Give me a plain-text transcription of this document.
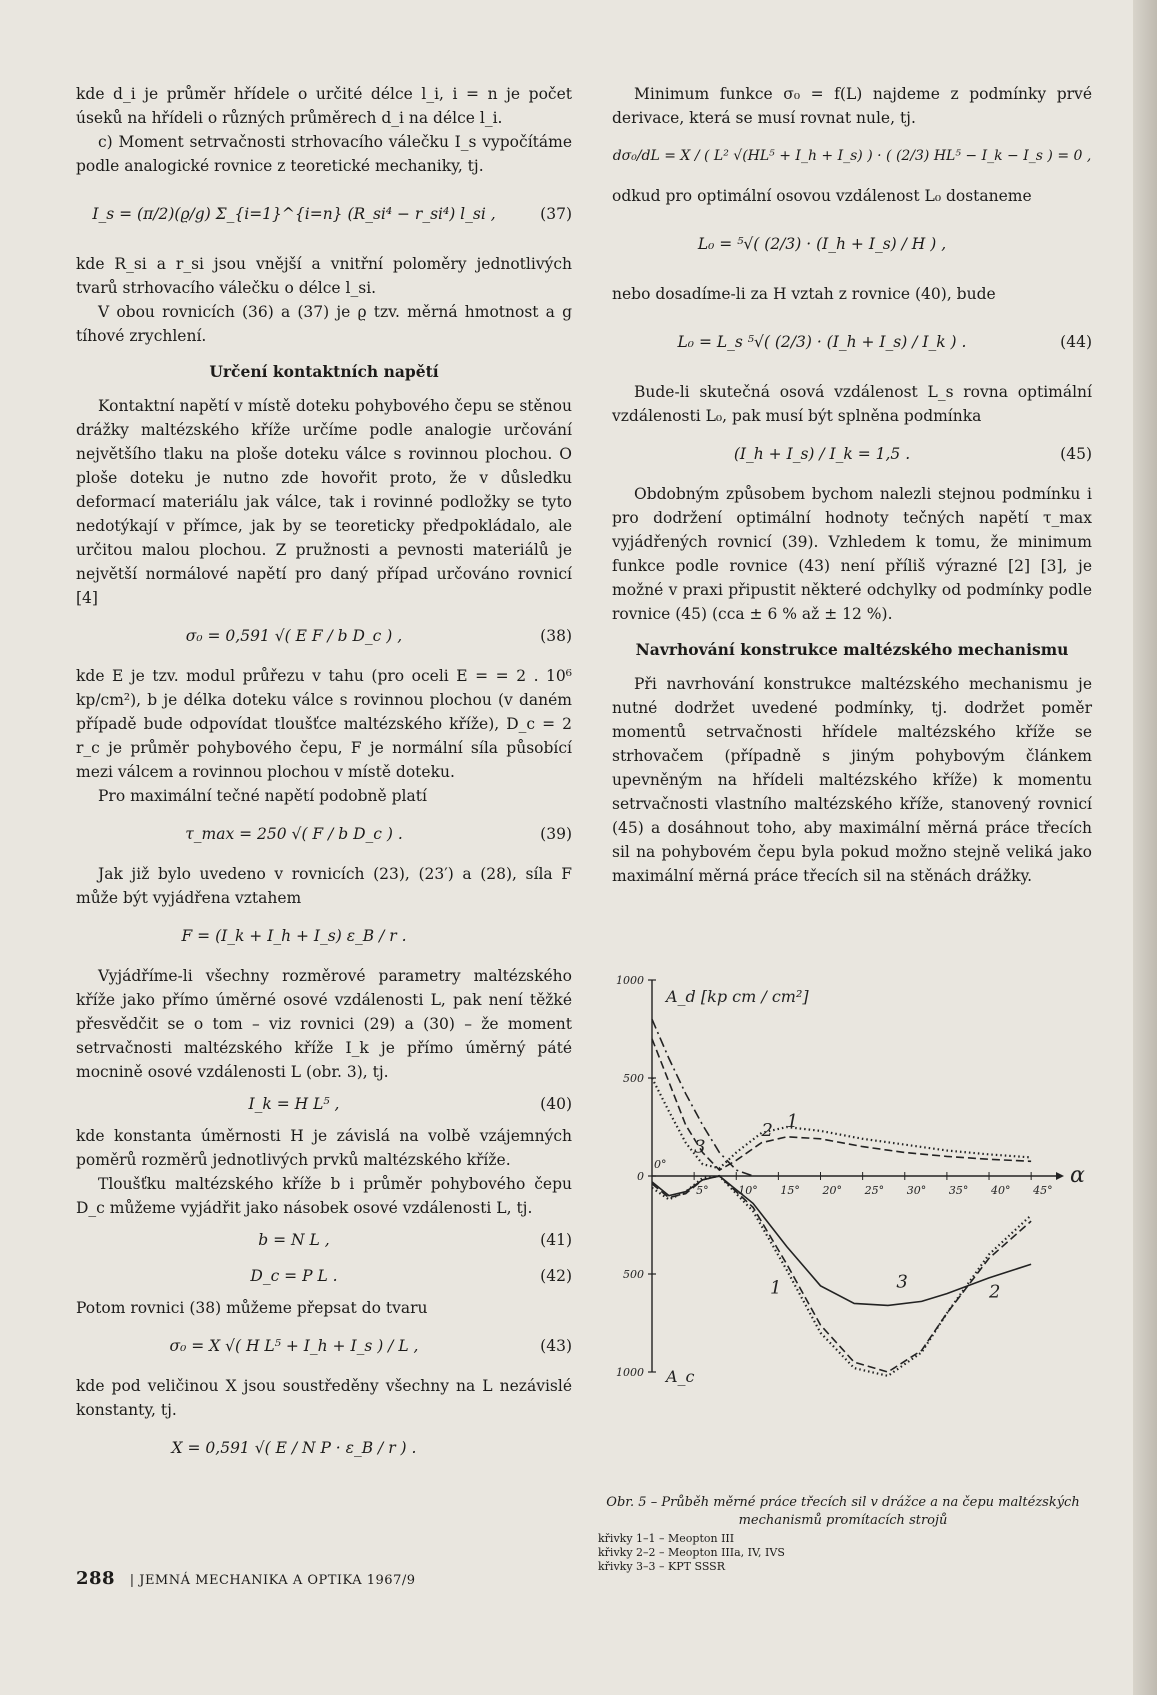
kde d_i je průměr hřídele o určité délce l_i, i = n je počet úseků na hřídeli o různých průměrech d_i na délce l_i.

c) Moment setrvačnosti strhovacího válečku I_s vypočítáme podle analogické rovnice z teoretické mechaniky, tj.

I_s = (π/2)(ϱ/g) Σ_{i=1}^{i=n} (R_si⁴ − r_si⁴) l_si ,	(37)

kde R_si a r_si jsou vnější a vnitřní poloměry jednotlivých tvarů strhovacího válečku o délce l_si.

V obou rovnicích (36) a (37) je ϱ tzv. měrná hmotnost a g tíhové zrychlení.

Určení kontaktních napětí

Kontaktní napětí v místě doteku pohybového čepu se stěnou drážky maltézského kříže určíme podle analogie určování největšího tlaku na ploše doteku válce s rovinnou plochou. O ploše doteku je nutno zde hovořit proto, že v důsledku deformací materiálu jak válce, tak i rovinné podložky se tyto nedotýkají v přímce, jak by se teoreticky předpokládalo, ale určitou malou plochou. Z pružnosti a pevnosti materiálů je největší normálové napětí pro daný případ určováno rovnicí [4]

σ₀ = 0,591 √( E F / b D_c ) ,	(38)

kde E je tzv. modul průřezu v tahu (pro oceli E = = 2 . 10⁶ kp/cm²), b je délka doteku válce s rovinnou plochou (v daném případě bude odpovídat tloušťce maltézského kříže), D_c = 2 r_c je průměr pohybového čepu, F je normální síla působící mezi válcem a rovinnou plochou v místě doteku.

Pro maximální tečné napětí podobně platí

τ_max = 250 √( F / b D_c ) .	(39)

Jak již bylo uvedeno v rovnicích (23), (23′) a (28), síla F může být vyjádřena vztahem

F = (I_k + I_h + I_s) ε_B / r .

Vyjádříme-li všechny rozměrové parametry maltézského kříže jako přímo úměrné osové vzdálenosti L, pak není těžké přesvědčit se o tom – viz rovnici (29) a (30) – že moment setrvačnosti maltézského kříže I_k je přímo úměrný páté mocnině osové vzdálenosti L (obr. 3), tj.

I_k = H L⁵ ,	(40)

kde konstanta úměrnosti H je závislá na volbě vzájemných poměrů rozměrů jednotlivých prvků maltézského kříže.

Tloušťku maltézského kříže b i průměr pohybového čepu D_c můžeme vyjádřit jako násobek osové vzdálenosti L, tj.

b = N L ,	(41)
D_c = P L .	(42)

Potom rovnici (38) můžeme přepsat do tvaru

σ₀ = X √( H L⁵ + I_h + I_s ) / L ,	(43)

kde pod veličinou X jsou soustředěny všechny na L nezávislé konstanty, tj.

X = 0,591 √( E / N P · ε_B / r ) .

Minimum funkce σ₀ = f(L) najdeme z podmínky prvé derivace, která se musí rovnat nule, tj.

dσ₀/dL = X / ( L² √(HL⁵ + I_h + I_s) ) · ( (2/3) HL⁵ − I_k − I_s ) = 0 ,

odkud pro optimální osovou vzdálenost L₀ dostaneme

L₀ = ⁵√( (2/3) · (I_h + I_s) / H ) ,

nebo dosadíme-li za H vztah z rovnice (40), bude

L₀ = L_s ⁵√( (2/3) · (I_h + I_s) / I_k ) .	(44)

Bude-li skutečná osová vzdálenost L_s rovna optimální vzdálenosti L₀, pak musí být splněna podmínka

(I_h + I_s) / I_k = 1,5 .	(45)

Obdobným způsobem bychom nalezli stejnou podmínku i pro dodržení optimální hodnoty tečných napětí τ_max vyjádřených rovnicí (39). Vzhledem k tomu, že minimum funkce podle rovnice (43) není příliš výrazné [2] [3], je možné v praxi připustit některé odchylky od podmínky podle rovnice (45) (cca ± 6 % až ± 12 %).

Navrhování konstrukce maltézského mechanismu

Při navrhování konstrukce maltézského mechanismu je nutné dodržet uvedené podmínky, tj. dodržet poměr momentů setrvačnosti hřídele maltézského kříže se strhovačem (případně s jiným pohybovým článkem upevněným na hřídeli maltézského kříže) k momentu setrvačnosti vlastního maltézského kříže, stanovený rovnicí (45) a dosáhnout toho, aby maximální měrná práce třecích sil na pohybovém čepu byla pokud možno stejně veliká jako maximální měrná práce třecích sil na stěnách drážky.

α
1000
500
0
500
1000
0°
5°	10° 15° 20° 25° 30° 35° 40° 45°
A_d [kp cm / cm²]
A_c
1
2
3
1	2
3
Obr. 5 – Průběh měrné práce třecích sil v drážce a na čepu maltézských mechanismů promítacích strojů
křivky 1–1 – Meopton III
křivky 2–2 – Meopton IIIa, IV, IVS
křivky 3–3 – KPT SSSR
288 | JEMNÁ MECHANIKA A OPTIKA 1967/9
